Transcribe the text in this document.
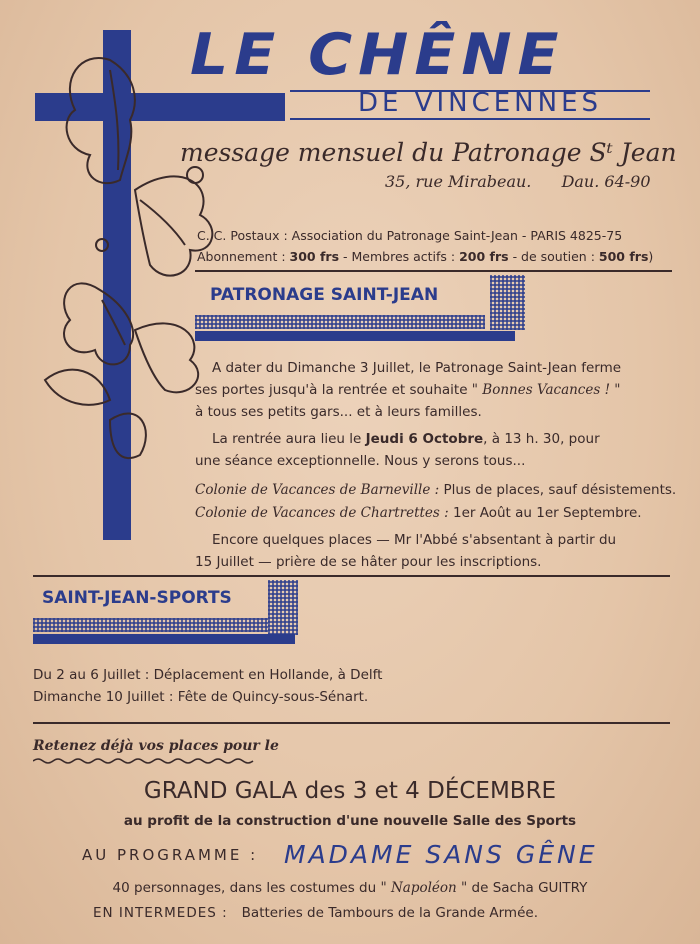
LE CHÊNE
DE VINCENNES
message mensuel du Patronage Sᵗ Jean
35, rue Mirabeau. Dau. 64-90
C. C. Postaux : Association du Patronage Saint-Jean - PARIS 4825-75
Abonnement : 300 frs - Membres actifs : 200 frs - de soutien : 500 frs)
PATRONAGE SAINT-JEAN
A dater du Dimanche 3 Juillet, le Patronage Saint-Jean ferme
ses portes jusqu'à la rentrée et souhaite " Bonnes Vacances ! "
à tous ses petits gars... et à leurs familles.
La rentrée aura lieu le Jeudi 6 Octobre, à 13 h. 30, pour
une séance exceptionnelle. Nous y serons tous...
Colonie de Vacances de Barneville : Plus de places, sauf désistements.
Colonie de Vacances de Chartrettes : 1er Août au 1er Septembre.
Encore quelques places — Mr l'Abbé s'absentant à partir du
15 Juillet — prière de se hâter pour les inscriptions.
SAINT-JEAN-SPORTS
Du 2 au 6 Juillet : Déplacement en Hollande, à Delft
Dimanche 10 Juillet : Fête de Quincy-sous-Sénart.
Retenez déjà vos places pour le
GRAND GALA des 3 et 4 DÉCEMBRE
au profit de la construction d'une nouvelle Salle des Sports
AU PROGRAMME : MADAME SANS GÊNE
40 personnages, dans les costumes du " Napoléon " de Sacha GUITRY
EN INTERMEDES : Batteries de Tambours de la Grande Armée.
